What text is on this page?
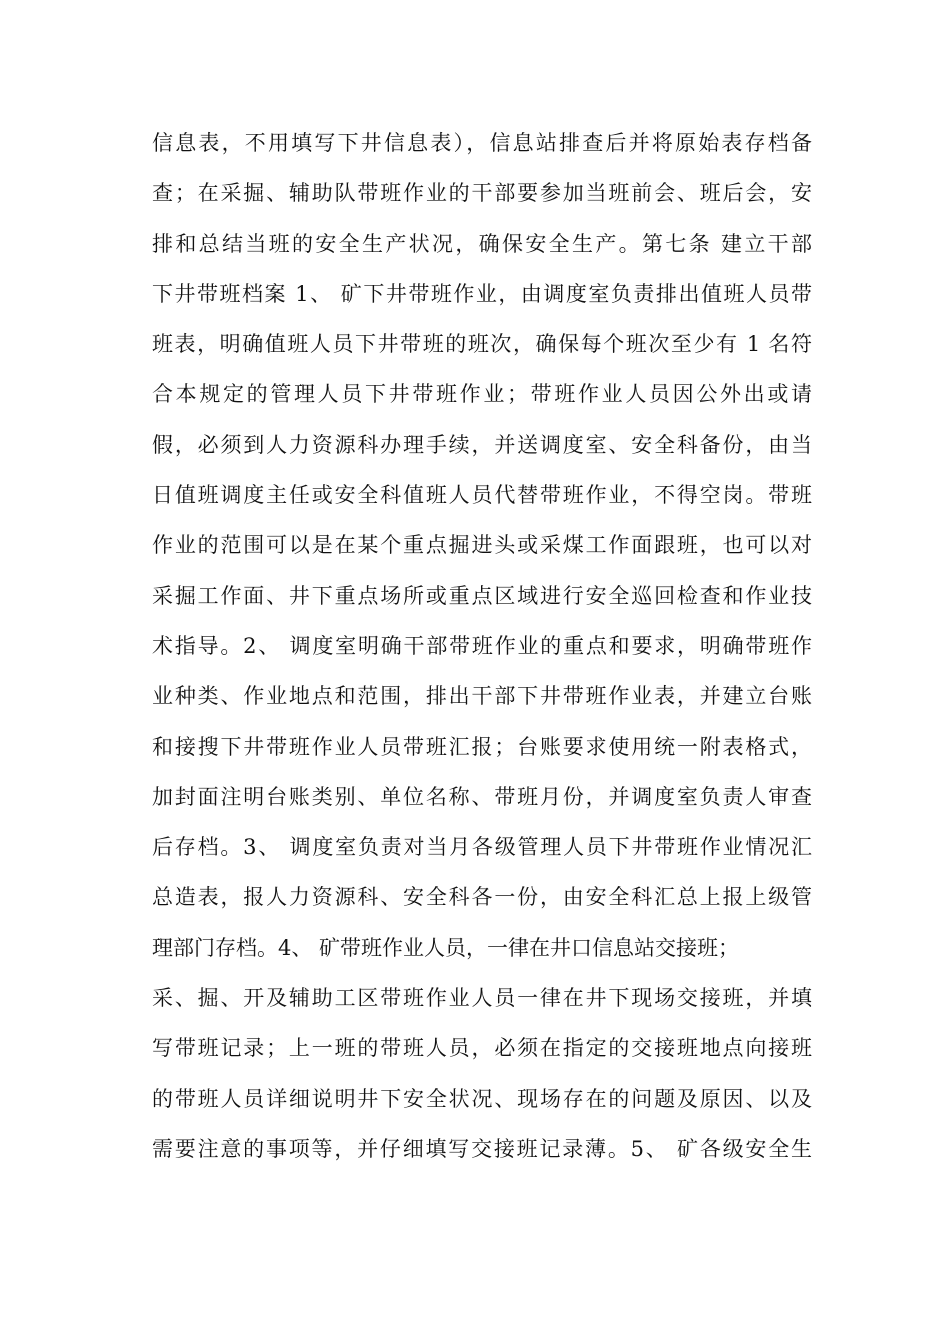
信息表，不用填写下井信息表），信息站排查后并将原始表存档备
查；在采掘、辅助队带班作业的干部要参加当班前会、班后会，安
排和总结当班的安全生产状况，确保安全生产。第七条 建立干部
下井带班档案 1、 矿下井带班作业，由调度室负责排出值班人员带
班表，明确值班人员下井带班的班次，确保每个班次至少有 1 名符
合本规定的管理人员下井带班作业；带班作业人员因公外出或请
假，必须到人力资源科办理手续，并送调度室、安全科备份，由当
日值班调度主任或安全科值班人员代替带班作业，不得空岗。带班
作业的范围可以是在某个重点掘进头或采煤工作面跟班，也可以对
采掘工作面、井下重点场所或重点区域进行安全巡回检查和作业技
术指导。2、 调度室明确干部带班作业的重点和要求，明确带班作
业种类、作业地点和范围，排出干部下井带班作业表，并建立台账
和接搜下井带班作业人员带班汇报；台账要求使用统一附表格式，
加封面注明台账类别、单位名称、带班月份，并调度室负责人审查
后存档。3、 调度室负责对当月各级管理人员下井带班作业情况汇
总造表，报人力资源科、安全科各一份，由安全科汇总上报上级管
理部门存档。4、 矿带班作业人员，一律在井口信息站交接班；
采、掘、开及辅助工区带班作业人员一律在井下现场交接班，并填
写带班记录；上一班的带班人员，必须在指定的交接班地点向接班
的带班人员详细说明井下安全状况、现场存在的问题及原因、以及
需要注意的事项等，并仔细填写交接班记录薄。5、 矿各级安全生
